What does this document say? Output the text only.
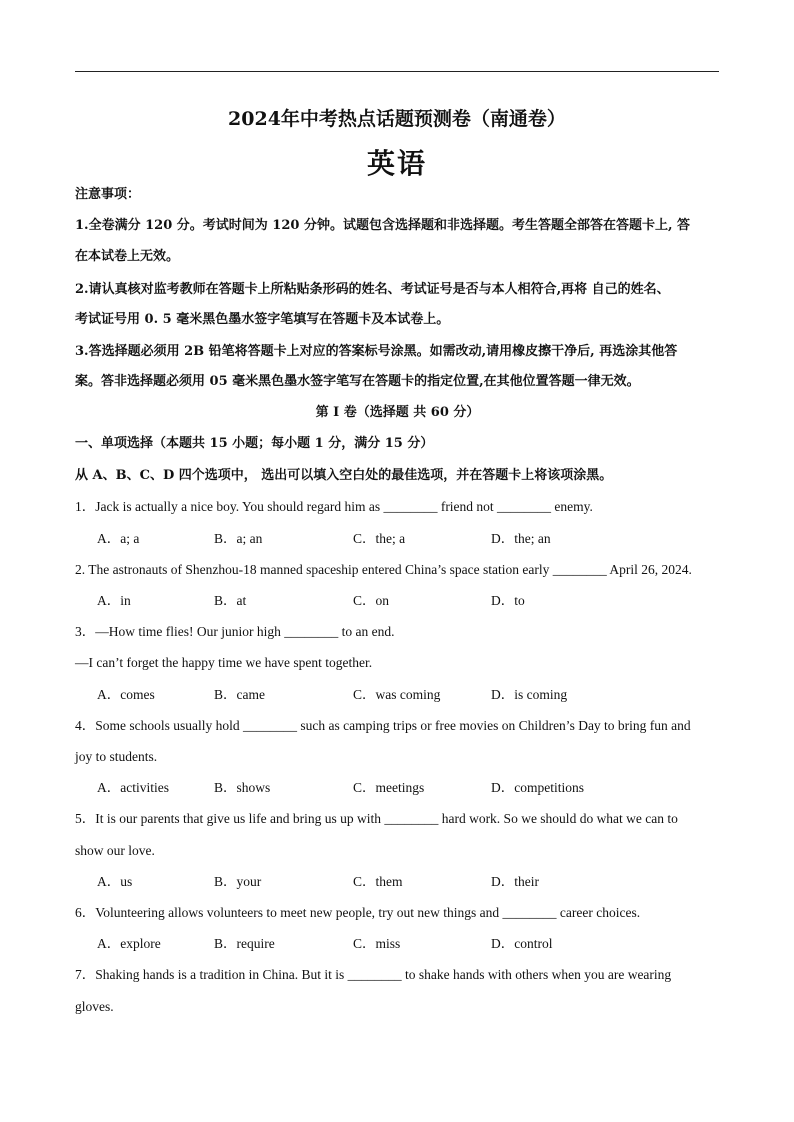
2024年中考热点话题预测卷（南通卷）
英语
注意事项：
1.全卷满分 120 分。考试时间为 120 分钟。试题包含选择题和非选择题。考生答题全部答在答题卡上, 答
在本试卷上无效。
2.请认真核对监考教师在答题卡上所粘贴条形码的姓名、考试证号是否与本人相符合,再将 自己的姓名、
考试证号用 0. 5 毫米黑色墨水签字笔填写在答题卡及本试卷上。
3.答选择题必须用 2B 铅笔将答题卡上对应的答案标号涂黑。如需改动,请用橡皮擦干净后, 再选涂其他答
案。答非选择题必须用 05 毫米黑色墨水签字笔写在答题卡的指定位置,在其他位置答题一律无效。
第 I 卷（选择题 共 60 分）
一、单项选择（本题共 15 小题；每小题 1 分，满分 15 分）
从 A、B、C、D 四个选项中， 选出可以填入空白处的最佳选项，并在答题卡上将该项涂黑。
1．Jack is actually a nice boy. You should regard him as ________ friend not ________ enemy.
A．a; a	B．a; an	C．the; a	D．the; an
2. The astronauts of Shenzhou-18 manned spaceship entered China’s space station early ________ April 26, 2024.
A．in	B．at	C．on	D．to
3．—How time flies! Our junior high ________ to an end.
—I can’t forget the happy time we have spent together.
A．comes	B．came	C．was coming	D．is coming
4．Some schools usually hold ________ such as camping trips or free movies on Children’s Day to bring fun and
joy to students.
A．activities	B．shows	C．meetings	D．competitions
5．It is our parents that give us life and bring us up with ________ hard work. So we should do what we can to
show our love.
A．us	B．your	C．them	D．their
6．Volunteering allows volunteers to meet new people, try out new things and ________ career choices.
A．explore	B．require	C．miss	D．control
7．Shaking hands is a tradition in China. But it is ________ to shake hands with others when you are wearing
gloves.
